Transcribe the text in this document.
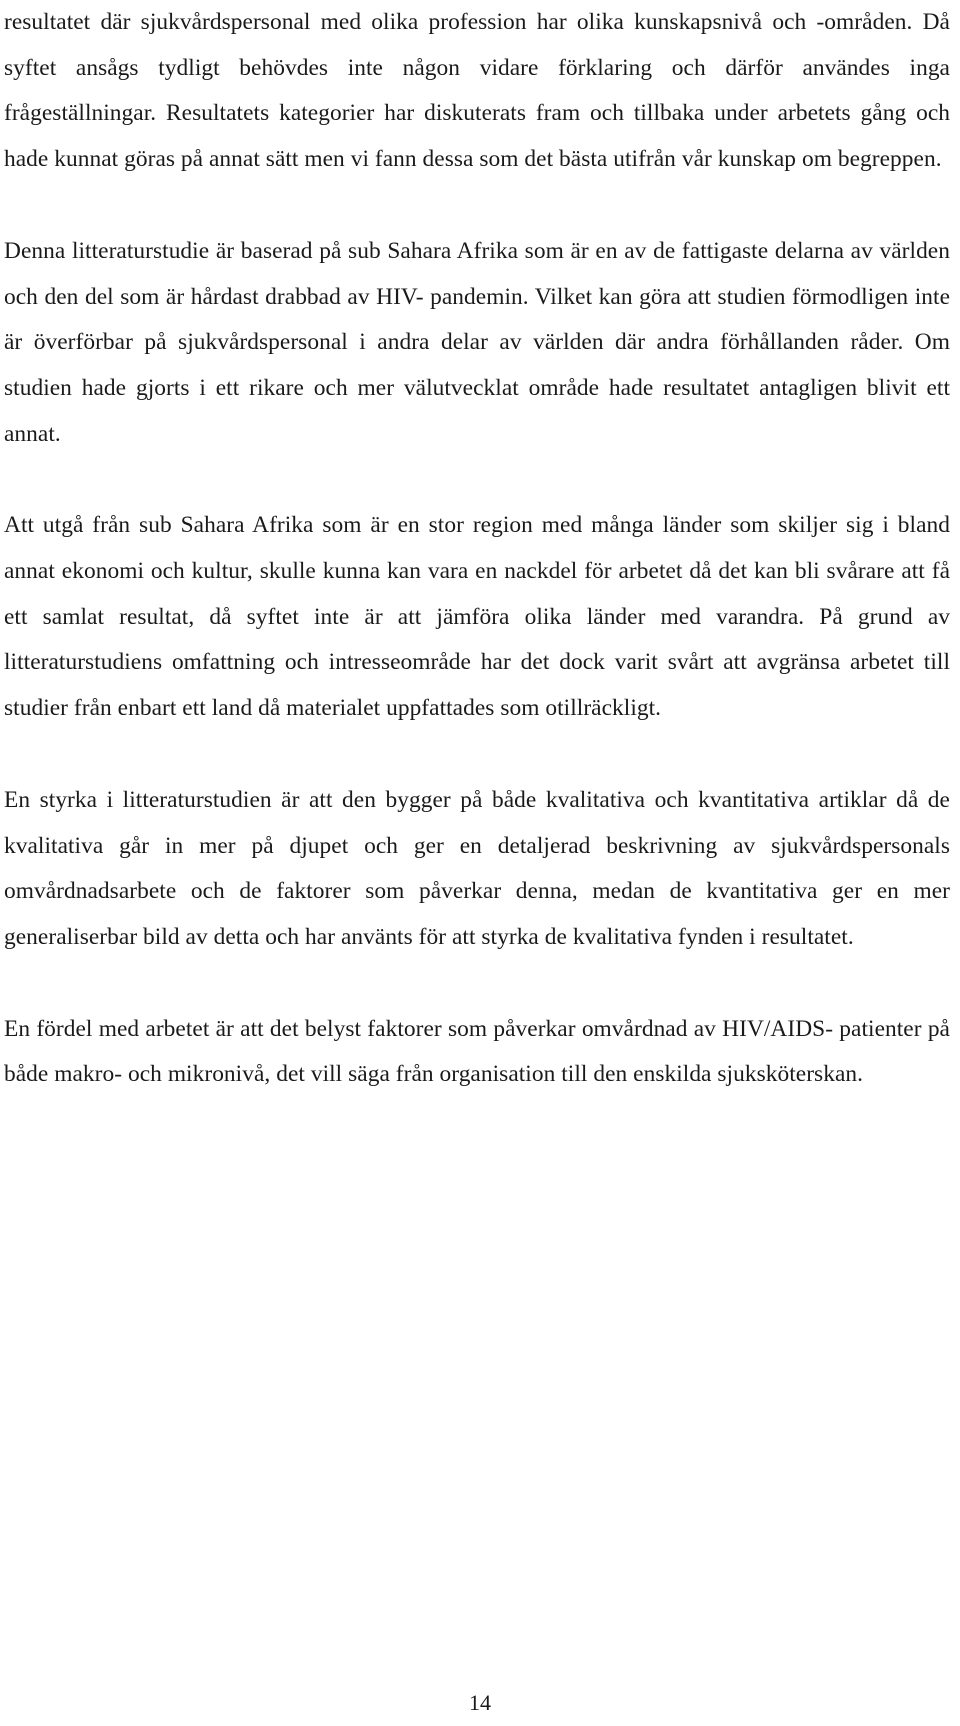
resultatet där sjukvårdspersonal med olika profession har olika kunskapsnivå och -områden. Då syftet ansågs tydligt behövdes inte någon vidare förklaring och därför användes inga frågeställningar. Resultatets kategorier har diskuterats fram och tillbaka under arbetets gång och hade kunnat göras på annat sätt men vi fann dessa som det bästa utifrån vår kunskap om begreppen.

Denna litteraturstudie är baserad på sub Sahara Afrika som är en av de fattigaste delarna av världen och den del som är hårdast drabbad av HIV- pandemin. Vilket kan göra att studien förmodligen inte är överförbar på sjukvårdspersonal i andra delar av världen där andra förhållanden råder. Om studien hade gjorts i ett rikare och mer välutvecklat område hade resultatet antagligen blivit ett annat.

Att utgå från sub Sahara Afrika som är en stor region med många länder som skiljer sig i bland annat ekonomi och kultur, skulle kunna kan vara en nackdel för arbetet då det kan bli svårare att få ett samlat resultat, då syftet inte är att jämföra olika länder med varandra. På grund av litteraturstudiens omfattning och intresseområde har det dock varit svårt att avgränsa arbetet till studier från enbart ett land då materialet uppfattades som otillräckligt.

En styrka i litteraturstudien är att den bygger på både kvalitativa och kvantitativa artiklar då de kvalitativa går in mer på djupet och ger en detaljerad beskrivning av sjukvårdspersonals omvårdnadsarbete och de faktorer som påverkar denna, medan de kvantitativa ger en mer generaliserbar bild av detta och har använts för att styrka de kvalitativa fynden i resultatet.

En fördel med arbetet är att det belyst faktorer som påverkar omvårdnad av HIV/AIDS- patienter på både makro- och mikronivå, det vill säga från organisation till den enskilda sjuksköterskan.

14
